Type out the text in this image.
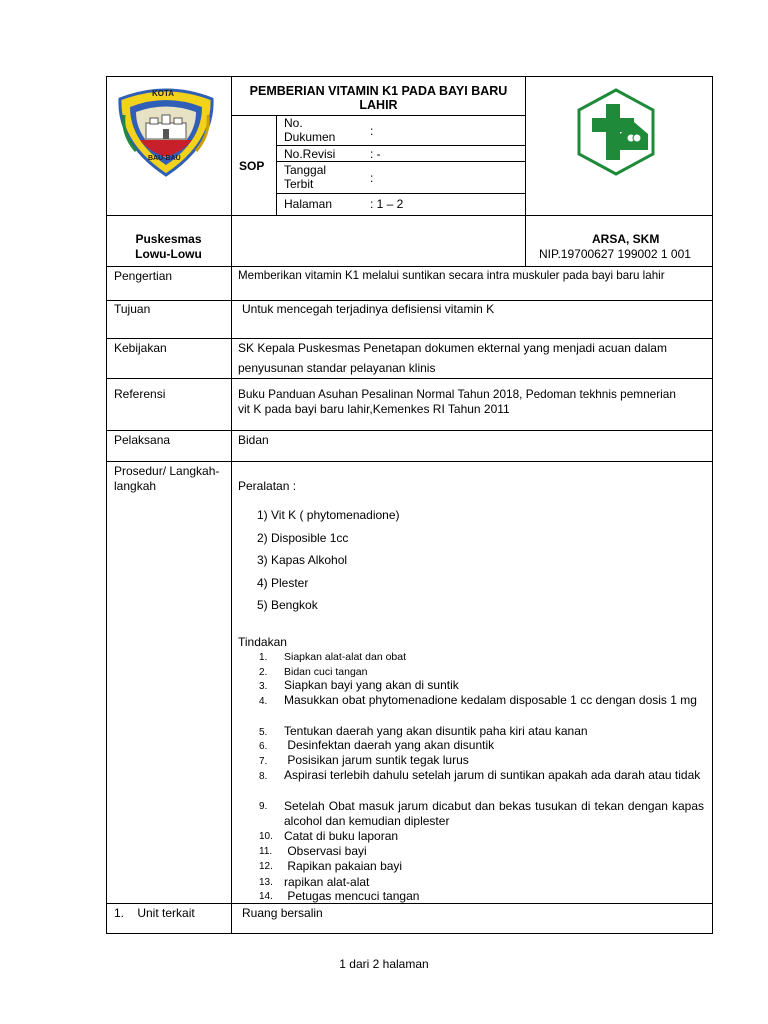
KOTA
BAU-BAU
PEMBERIAN VITAMIN K1 PADA BAYI BARU
LAHIR
SOP
No.
Dukumen	:
No.Revisi	: -
Tanggal
Terbit	:
Halaman	: 1 – 2
Puskesmas
Lowu-Lowu
ARSA, SKM
NIP.19700627 199002 1 001
Pengertian	Memberikan vitamin K1 melalui suntikan secara intra muskuler pada bayi baru lahir
Tujuan	Untuk mencegah terjadinya defisiensi vitamin K
Kebijakan	SK Kepala Puskesmas Penetapan dokumen ekternal yang menjadi acuan dalam
penyusunan standar pelayanan klinis
Referensi	Buku Panduan Asuhan Pesalinan Normal Tahun 2018, Pedoman tekhnis pemnerian
vit K pada bayi baru lahir,Kemenkes RI Tahun 2011
Pelaksana	Bidan
Prosedur/ Langkah-
langkah	Peralatan :
1) Vit K ( phytomenadione)
2) Disposible 1cc
3) Kapas Alkohol
4) Plester
5) Bengkok
Tindakan
1. Siapkan alat-alat dan obat
2. Bidan cuci tangan
3. Siapkan bayi yang akan di suntik
4. Masukkan obat phytomenadione kedalam disposable 1 cc dengan dosis 1 mg
5. Tentukan daerah yang akan disuntik paha kiri atau kanan
6. Desinfektan daerah yang akan disuntik
7. Posisikan jarum suntik tegak lurus
8. Aspirasi terlebih dahulu setelah jarum di suntikan apakah ada darah atau tidak
9. Setelah Obat masuk jarum dicabut dan bekas tusukan di tekan dengan kapas alcohol dan kemudian diplester
10. Catat di buku laporan
11. Observasi bayi
12. Rapikan pakaian bayi
13. rapikan alat-alat
14. Petugas mencuci tangan
1.    Unit terkait	Ruang bersalin
1 dari 2 halaman
